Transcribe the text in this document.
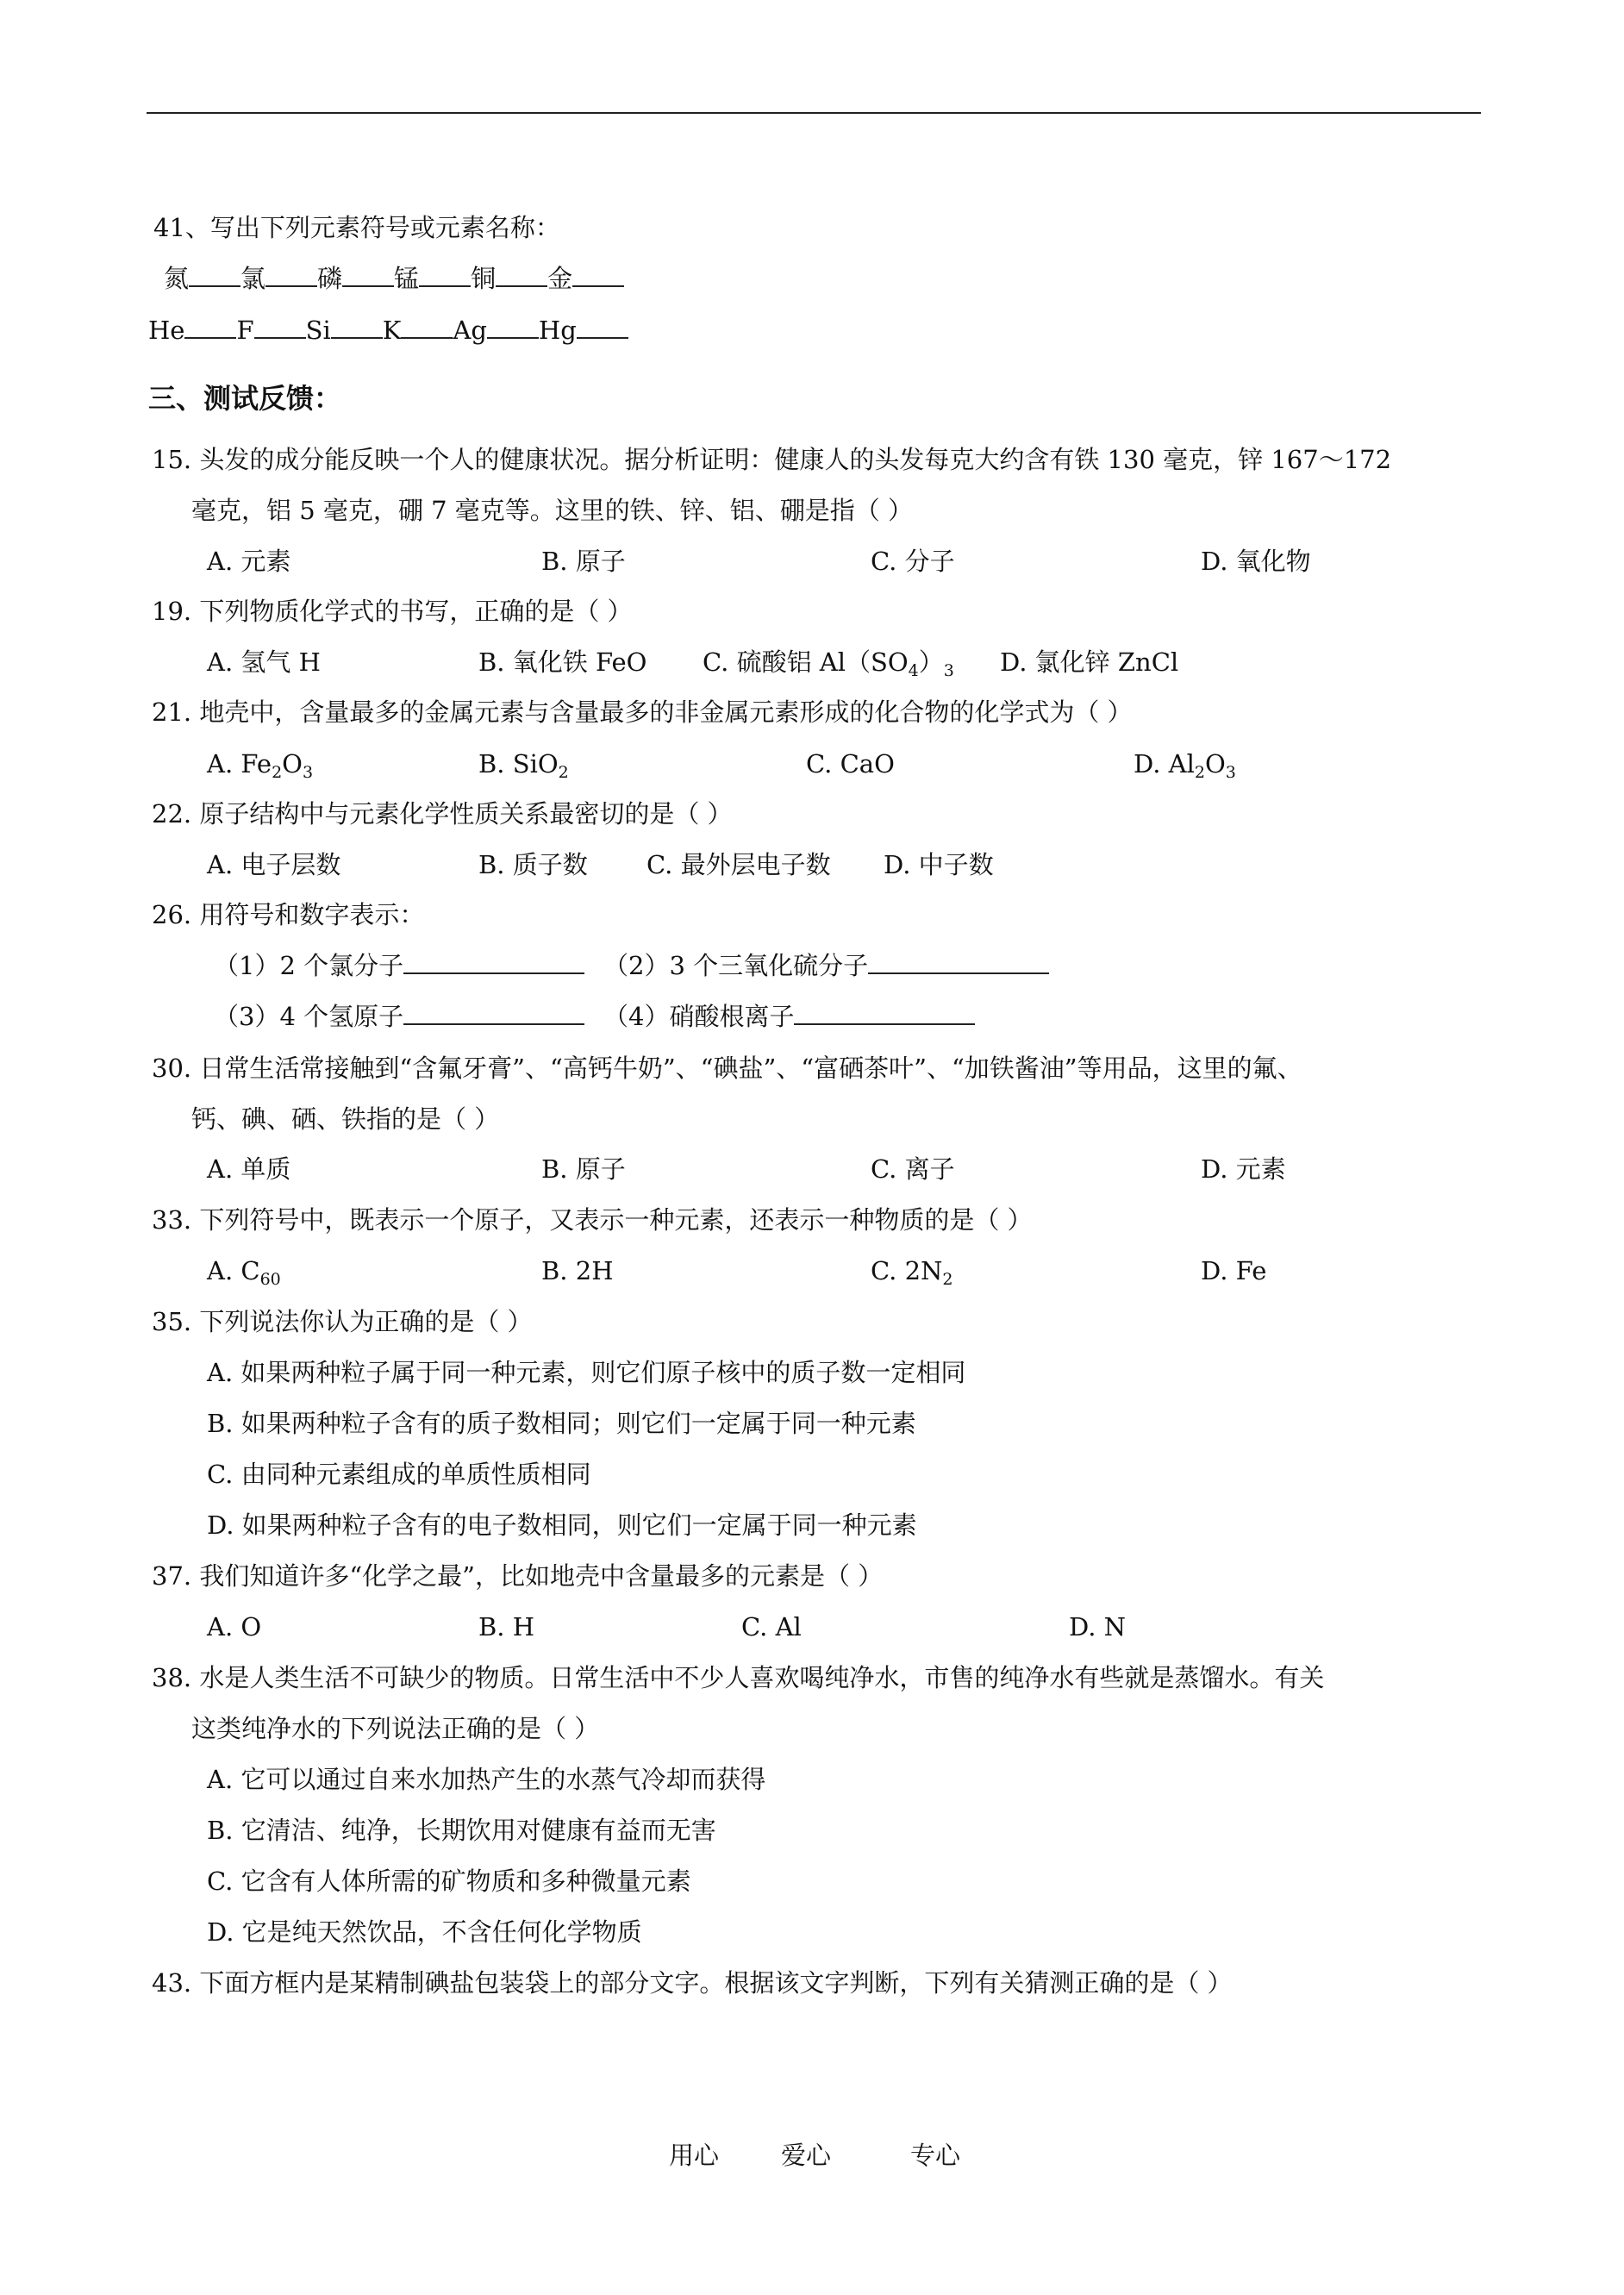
41、写出下列元素符号或元素名称：
氮 氯 磷 锰 铜 金
He F Si K Ag Hg
三、测试反馈：
15. 头发的成分能反映一个人的健康状况。据分析证明：健康人的头发每克大约含有铁 130 毫克，锌 167～172
毫克，铝 5 毫克，硼 7 毫克等。这里的铁、锌、铝、硼是指（ ）
A. 元素	B. 原子	C. 分子	D. 氧化物
19. 下列物质化学式的书写，正确的是（ ）
A. 氢气 H	B. 氧化铁 FeO C. 硫酸铝 $Al(SO_4)_3$ D. 氯化锌 ZnCl
21. 地壳中，含量最多的金属元素与含量最多的非金属元素形成的化合物的化学式为（ ）
A. $Fe_2O_3$	B. SiO$_2$	C. CaO	D. $Al_2O_3$
22. 原子结构中与元素化学性质关系最密切的是（ ）
A. 电子层数	B. 质子数 C. 最外层电子数 D. 中子数
26. 用符号和数字表示：
（1）2 个氯分子	（2）3 个三氧化硫分子
（3）4 个氢原子	（4）硝酸根离子
30. 日常生活常接触到“含氟牙膏”、“高钙牛奶”、“碘盐”、“富硒茶叶”、“加铁酱油”等用品，这里的氟、
钙、碘、硒、铁指的是（ ）
A. 单质	B. 原子	C. 离子	D. 元素
33. 下列符号中，既表示一个原子，又表示一种元素，还表示一种物质的是（ ）
A. $C_{60}$	B. 2H	C. $2N_2$	D. Fe
35. 下列说法你认为正确的是（ ）
A. 如果两种粒子属于同一种元素，则它们原子核中的质子数一定相同
B. 如果两种粒子含有的质子数相同；则它们一定属于同一种元素
C. 由同种元素组成的单质性质相同
D. 如果两种粒子含有的电子数相同，则它们一定属于同一种元素
37. 我们知道许多“化学之最”，比如地壳中含量最多的元素是（ ）
A. O	B. H	C. Al	D. N
38. 水是人类生活不可缺少的物质。日常生活中不少人喜欢喝纯净水，市售的纯净水有些就是蒸馏水。有关
这类纯净水的下列说法正确的是（ ）
A. 它可以通过自来水加热产生的水蒸气冷却而获得
B. 它清洁、纯净，长期饮用对健康有益而无害
C. 它含有人体所需的矿物质和多种微量元素
D. 它是纯天然饮品，不含任何化学物质
43. 下面方框内是某精制碘盐包装袋上的部分文字。根据该文字判断，下列有关猜测正确的是（ ）
用心 爱心	专心
